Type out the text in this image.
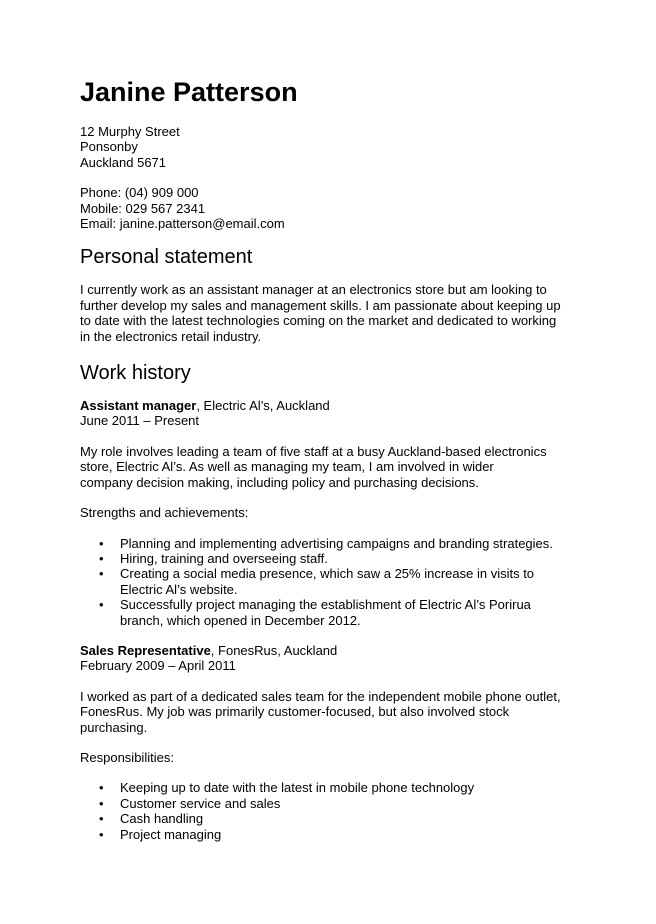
Janine Patterson

12 Murphy Street

Ponsonby

Auckland 5671

Phone: (04) 909 000

Mobile: 029 567 2341

Email: janine.patterson@email.com

Personal statement

I currently work as an assistant manager at an electronics store but am looking to

further develop my sales and management skills. I am passionate about keeping up

to date with the latest technologies coming on the market and dedicated to working

in the electronics retail industry.

Work history

Assistant manager, Electric Al’s, Auckland

June 2011 – Present

My role involves leading a team of five staff at a busy Auckland-based electronics

store, Electric Al’s. As well as managing my team, I am involved in wider

company decision making, including policy and purchasing decisions.

Strengths and achievements:

• Planning and implementing advertising campaigns and branding strategies.
• Hiring, training and overseeing staff.
• Creating a social media presence, which saw a 25% increase in visits to
Electric Al’s website.
• Successfully project managing the establishment of Electric Al’s Porirua
branch, which opened in December 2012.

Sales Representative, FonesRus, Auckland

February 2009 – April 2011

I worked as part of a dedicated sales team for the independent mobile phone outlet,

FonesRus. My job was primarily customer-focused, but also involved stock

purchasing.

Responsibilities:

• Keeping up to date with the latest in mobile phone technology
• Customer service and sales
• Cash handling
• Project managing
